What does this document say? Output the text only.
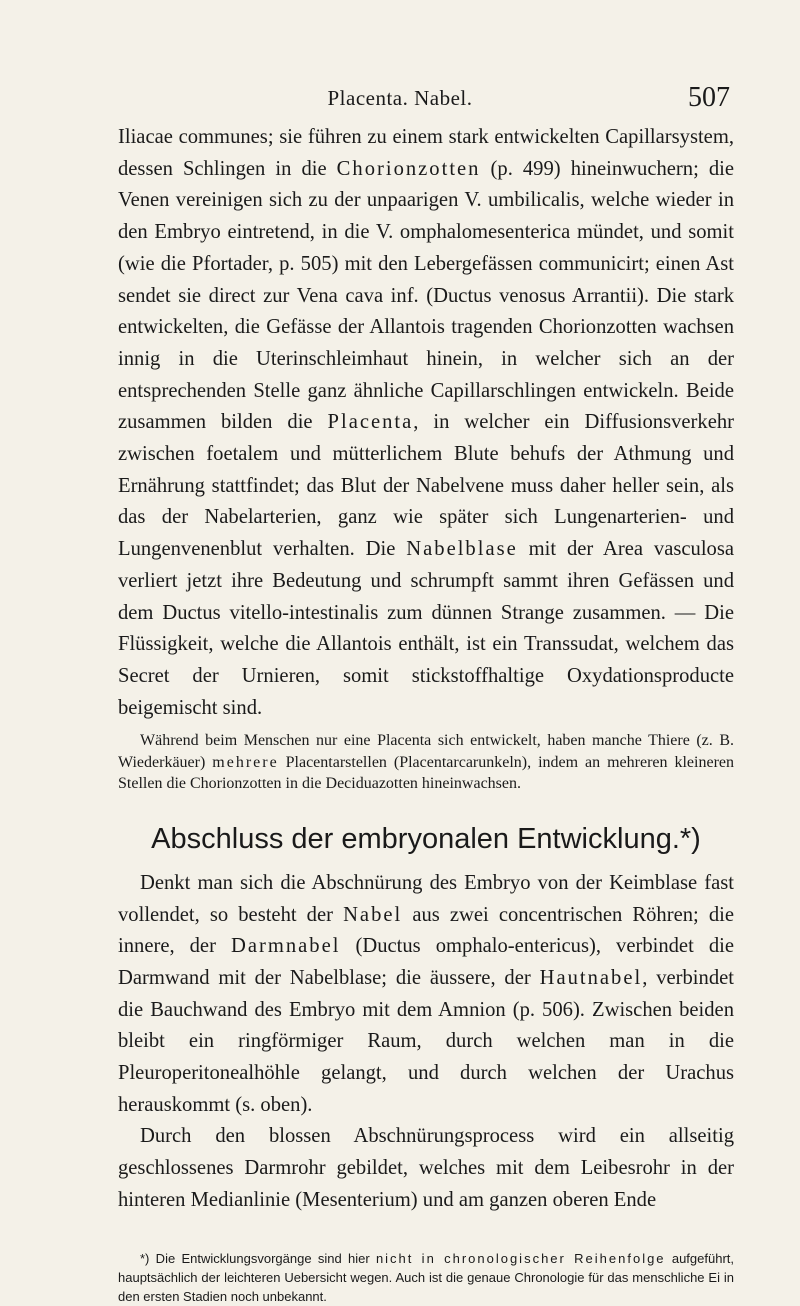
Placenta. Nabel.	507

Iliacae communes; sie führen zu einem stark entwickelten Capillarsystem, dessen Schlingen in die Chorionzotten (p. 499) hineinwuchern; die Venen vereinigen sich zu der unpaarigen V. umbilicalis, welche wieder in den Embryo eintretend, in die V. omphalomesenterica mündet, und somit (wie die Pfortader, p. 505) mit den Lebergefässen communicirt; einen Ast sendet sie direct zur Vena cava inf. (Ductus venosus Arrantii). Die stark entwickelten, die Gefässe der Allantois tragenden Chorionzotten wachsen innig in die Uterinschleimhaut hinein, in welcher sich an der entsprechenden Stelle ganz ähnliche Capillarschlingen entwickeln. Beide zusammen bilden die Placenta, in welcher ein Diffusionsverkehr zwischen foetalem und mütterlichem Blute behufs der Athmung und Ernährung stattfindet; das Blut der Nabelvene muss daher heller sein, als das der Nabelarterien, ganz wie später sich Lungenarterien- und Lungenvenenblut verhalten. Die Nabelblase mit der Area vasculosa verliert jetzt ihre Bedeutung und schrumpft sammt ihren Gefässen und dem Ductus vitello-intestinalis zum dünnen Strange zusammen. — Die Flüssigkeit, welche die Allantois enthält, ist ein Transsudat, welchem das Secret der Urnieren, somit stickstoffhaltige Oxydationsproducte beigemischt sind.

Während beim Menschen nur eine Placenta sich entwickelt, haben manche Thiere (z. B. Wiederkäuer) mehrere Placentarstellen (Placentarcarunkeln), indem an mehreren kleineren Stellen die Chorionzotten in die Deciduazotten hineinwachsen.

Abschluss der embryonalen Entwicklung.*)

Denkt man sich die Abschnürung des Embryo von der Keimblase fast vollendet, so besteht der Nabel aus zwei concentrischen Röhren; die innere, der Darmnabel (Ductus omphalo-entericus), verbindet die Darmwand mit der Nabelblase; die äussere, der Hautnabel, verbindet die Bauchwand des Embryo mit dem Amnion (p. 506). Zwischen beiden bleibt ein ringförmiger Raum, durch welchen man in die Pleuroperitonealhöhle gelangt, und durch welchen der Urachus herauskommt (s. oben).

Durch den blossen Abschnürungsprocess wird ein allseitig geschlossenes Darmrohr gebildet, welches mit dem Leibesrohr in der hinteren Medianlinie (Mesenterium) und am ganzen oberen Ende

*) Die Entwicklungsvorgänge sind hier nicht in chronologischer Reihenfolge aufgeführt, hauptsächlich der leichteren Uebersicht wegen. Auch ist die genaue Chronologie für das menschliche Ei in den ersten Stadien noch unbekannt.
